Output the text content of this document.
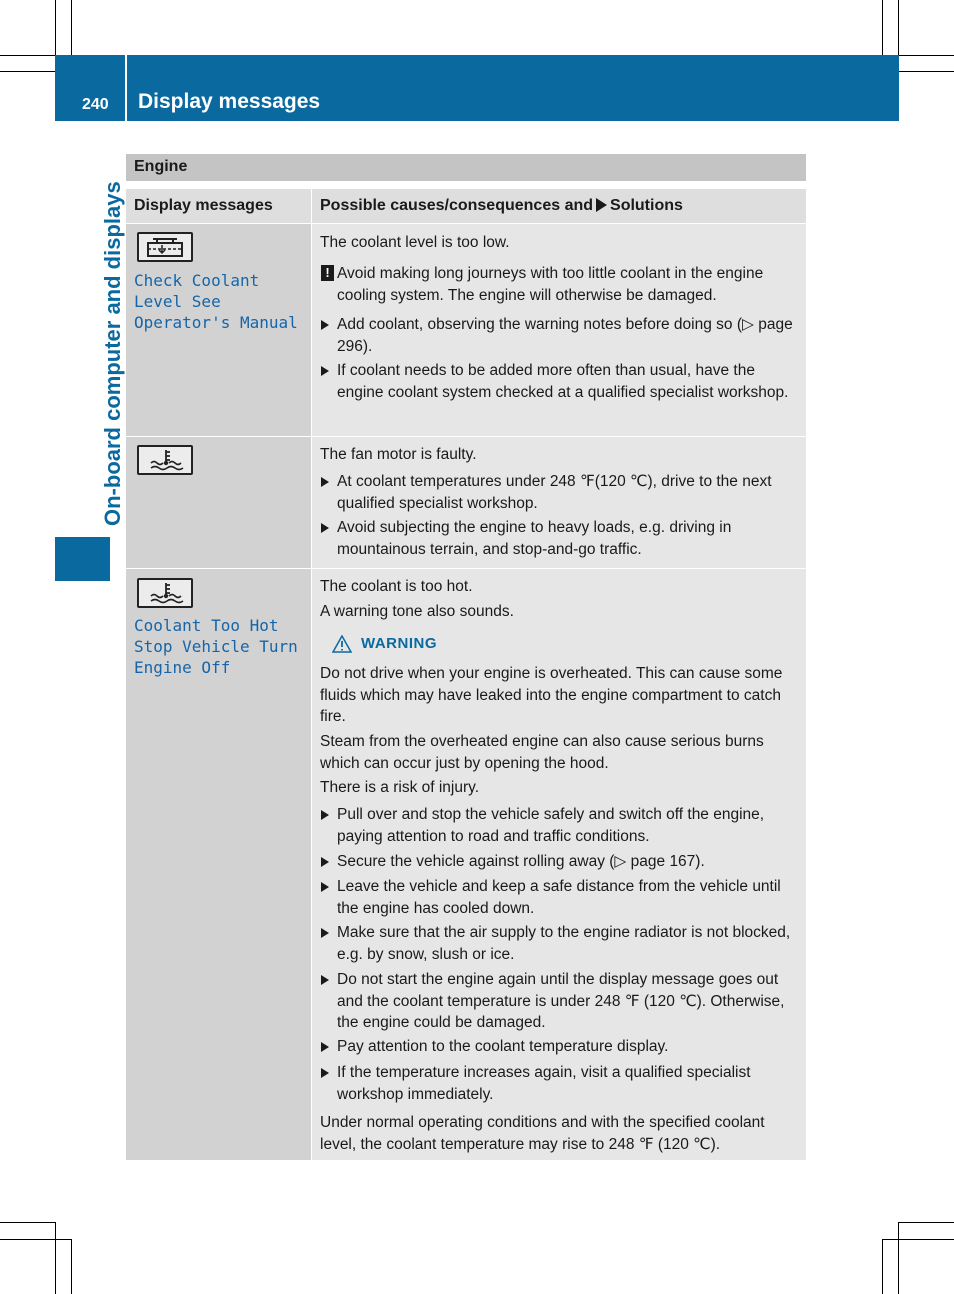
240 Display messages
On-board computer and displays
Engine
Display messages	Possible causes/consequences and Solutions
Check Coolant
Level See
Operator's Manual
The coolant level is too low.
! Avoid making long journeys with too little coolant in the engine cooling system. The engine will otherwise be damaged.
Add coolant, observing the warning notes before doing so (▷ page 296).
If coolant needs to be added more often than usual, have the engine coolant system checked at a qualified specialist workshop.
The fan motor is faulty.
At coolant temperatures under 248 ℉(120 ℃), drive to the next qualified specialist workshop.
Avoid subjecting the engine to heavy loads, e.g. driving in mountainous terrain, and stop-and-go traffic.
Coolant Too Hot
Stop Vehicle Turn
Engine Off
The coolant is too hot.
A warning tone also sounds.
WARNING
Do not drive when your engine is overheated. This can cause some fluids which may have leaked into the engine compartment to catch fire.
Steam from the overheated engine can also cause serious burns which can occur just by opening the hood.
There is a risk of injury.
Pull over and stop the vehicle safely and switch off the engine, paying attention to road and traffic conditions.
Secure the vehicle against rolling away (▷ page 167).
Leave the vehicle and keep a safe distance from the vehicle until the engine has cooled down.
Make sure that the air supply to the engine radiator is not blocked, e.g. by snow, slush or ice.
Do not start the engine again until the display message goes out and the coolant temperature is under 248 ℉ (120 ℃). Otherwise, the engine could be damaged.
Pay attention to the coolant temperature display.
If the temperature increases again, visit a qualified specialist workshop immediately.
Under normal operating conditions and with the specified coolant level, the coolant temperature may rise to 248 ℉ (120 ℃).
